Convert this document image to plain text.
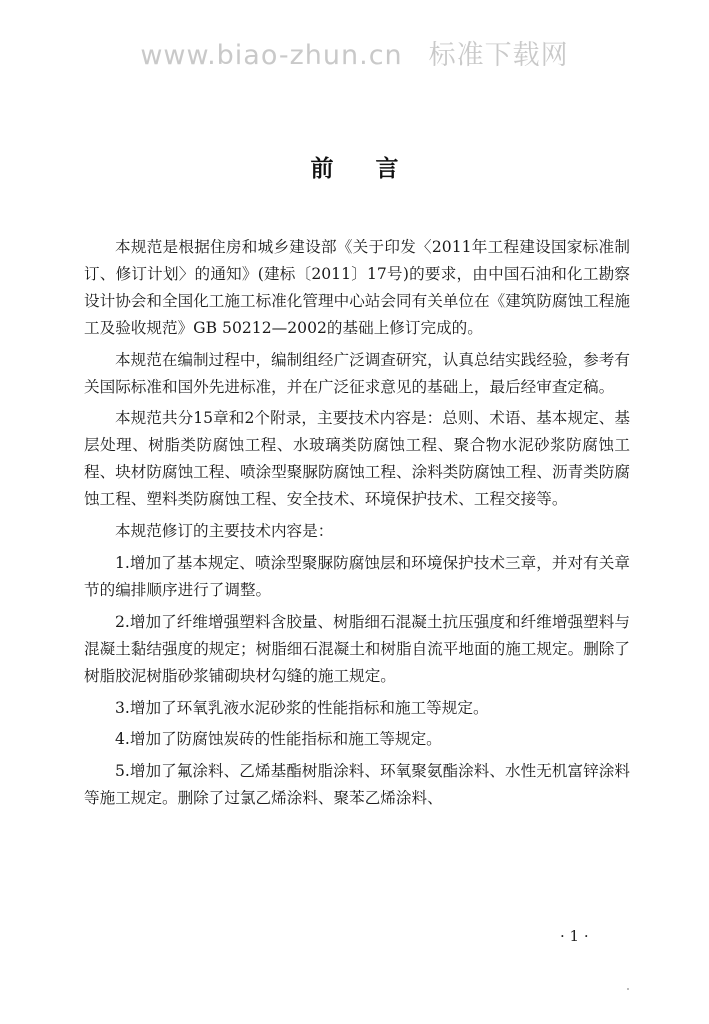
www.biao-zhun.cn 标准下载网
前言

本规范是根据住房和城乡建设部《关于印发〈2011年工程建设国家标准制订、修订计划〉的通知》(建标〔2011〕17号)的要求，由中国石油和化工勘察设计协会和全国化工施工标准化管理中心站会同有关单位在《建筑防腐蚀工程施工及验收规范》GB 50212—2002的基础上修订完成的。

本规范在编制过程中，编制组经广泛调查研究，认真总结实践经验，参考有关国际标准和国外先进标准，并在广泛征求意见的基础上，最后经审查定稿。

本规范共分15章和2个附录，主要技术内容是：总则、术语、基本规定、基层处理、树脂类防腐蚀工程、水玻璃类防腐蚀工程、聚合物水泥砂浆防腐蚀工程、块材防腐蚀工程、喷涂型聚脲防腐蚀工程、涂料类防腐蚀工程、沥青类防腐蚀工程、塑料类防腐蚀工程、安全技术、环境保护技术、工程交接等。

本规范修订的主要技术内容是：

1.增加了基本规定、喷涂型聚脲防腐蚀层和环境保护技术三章，并对有关章节的编排顺序进行了调整。

2.增加了纤维增强塑料含胶量、树脂细石混凝土抗压强度和纤维增强塑料与混凝土黏结强度的规定；树脂细石混凝土和树脂自流平地面的施工规定。删除了树脂胶泥树脂砂浆铺砌块材勾缝的施工规定。

3.增加了环氧乳液水泥砂浆的性能指标和施工等规定。

4.增加了防腐蚀炭砖的性能指标和施工等规定。

5.增加了氟涂料、乙烯基酯树脂涂料、环氧聚氨酯涂料、水性无机富锌涂料等施工规定。删除了过氯乙烯涂料、聚苯乙烯涂料、

· 1 ·
